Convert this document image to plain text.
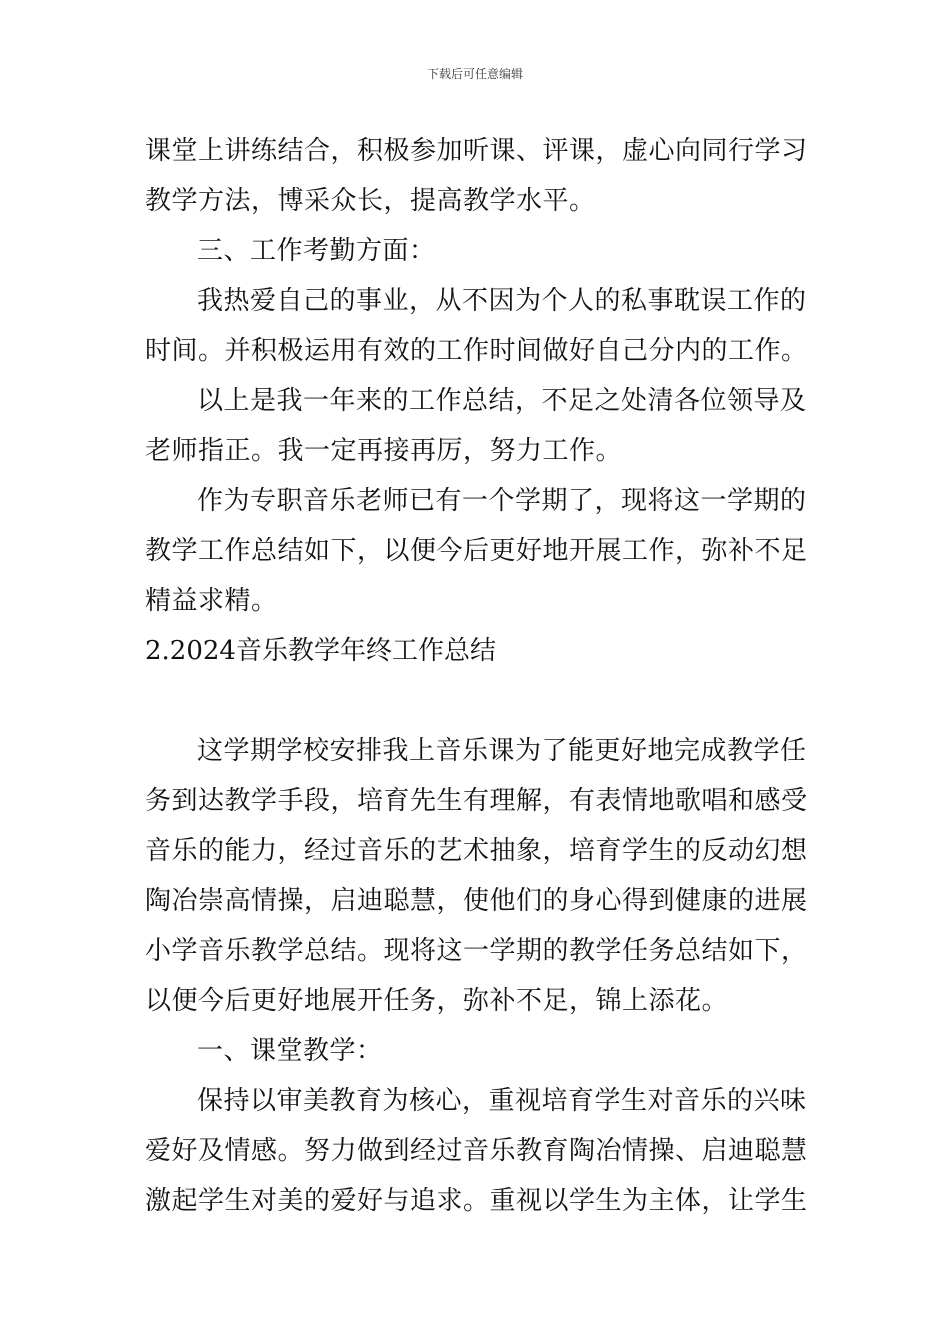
下载后可任意编辑
课堂上讲练结合，积极参加听课、评课，虚心向同行学习
教学方法，博采众长，提高教学水平。
三、工作考勤方面：
我热爱自己的事业，从不因为个人的私事耽误工作的
时间。并积极运用有效的工作时间做好自己分内的工作。
以上是我一年来的工作总结，不足之处清各位领导及
老师指正。我一定再接再厉，努力工作。
作为专职音乐老师已有一个学期了，现将这一学期的
教学工作总结如下，以便今后更好地开展工作，弥补不足
精益求精。
2.2024音乐教学年终工作总结
这学期学校安排我上音乐课为了能更好地完成教学任
务到达教学手段，培育先生有理解，有表情地歌唱和感受
音乐的能力，经过音乐的艺术抽象，培育学生的反动幻想
陶冶崇高情操，启迪聪慧，使他们的身心得到健康的进展
小学音乐教学总结。现将这一学期的教学任务总结如下，
以便今后更好地展开任务，弥补不足，锦上添花。
一、课堂教学：
保持以审美教育为核心，重视培育学生对音乐的兴味
爱好及情感。努力做到经过音乐教育陶冶情操、启迪聪慧
激起学生对美的爱好与追求。重视以学生为主体，让学生
